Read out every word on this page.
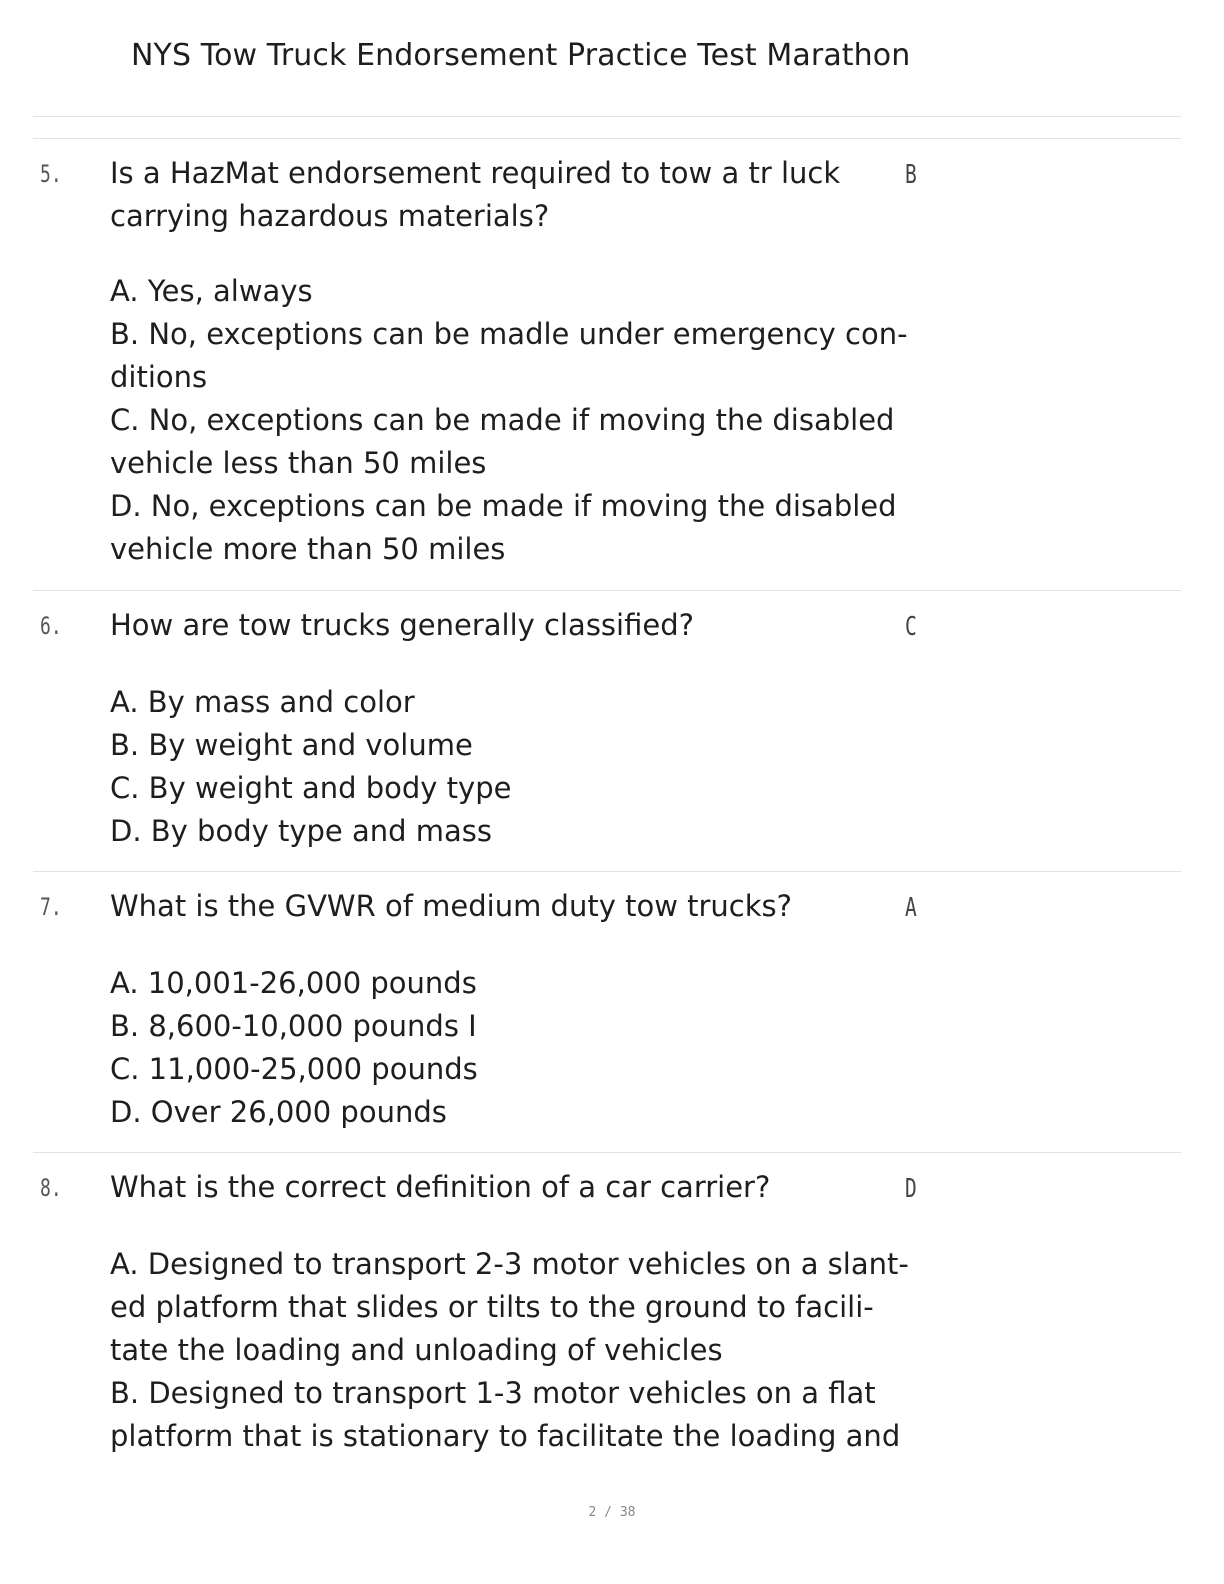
NYS Tow Truck Endorsement Practice Test Marathon
5. Is a HazMat endorsement required to tow a tr luck
carrying hazardous materials?
B
A. Yes, always
B. No, exceptions can be madle under emergency con-
ditions
C. No, exceptions can be made if moving the disabled
vehicle less than 50 miles
D. No, exceptions can be made if moving the disabled
vehicle more than 50 miles
6. How are tow trucks generally classified?	C
A. By mass and color
B. By weight and volume
C. By weight and body type
D. By body type and mass
7. What is the GVWR of medium duty tow trucks?	A
A. 10,001-26,000 pounds
B. 8,600-10,000 pounds I
C. 11,000-25,000 pounds
D. Over 26,000 pounds
8. What is the correct definition of a car carrier?	D
A. Designed to transport 2-3 motor vehicles on a slant-
ed platform that slides or tilts to the ground to facili-
tate the loading and unloading of vehicles
B. Designed to transport 1-3 motor vehicles on a flat
platform that is stationary to facilitate the loading and
2 / 38
